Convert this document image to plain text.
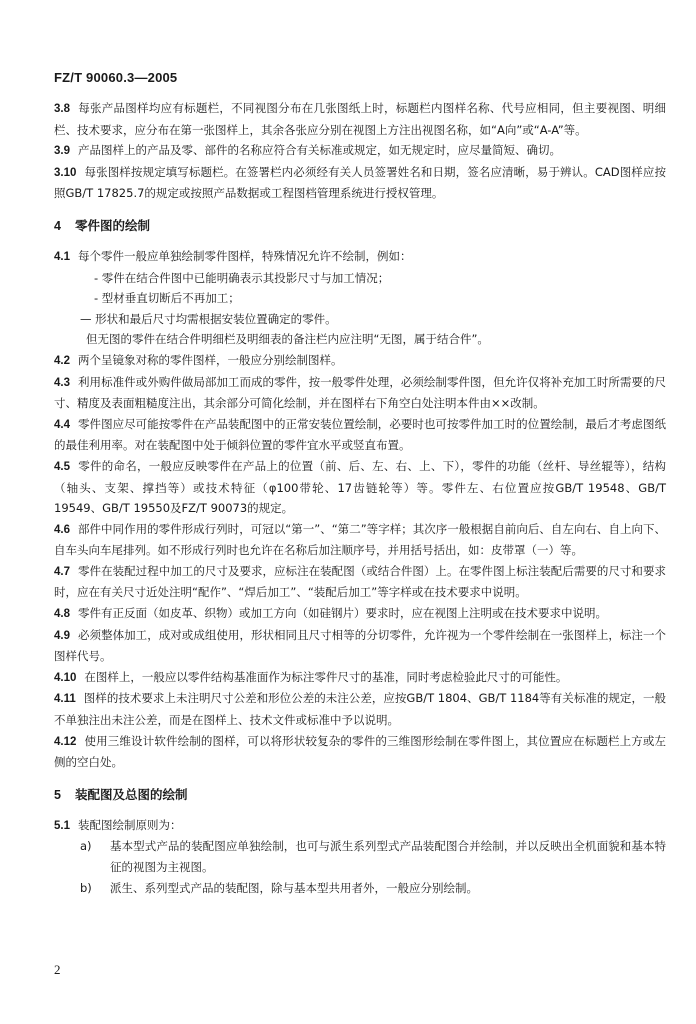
FZ/T 90060.3—2005
3.8 每张产品图样均应有标题栏，不同视图分布在几张图纸上时，标题栏内图样名称、代号应相同，但主要视图、明细栏、技术要求，应分布在第一张图样上，其余各张应分别在视图上方注出视图名称，如“A向”或“A-A”等。
3.9 产品图样上的产品及零、部件的名称应符合有关标准或规定，如无规定时，应尽量简短、确切。
3.10 每张图样按规定填写标题栏。在签署栏内必须经有关人员签署姓名和日期，签名应清晰，易于辨认。CAD图样应按照GB/T 17825.7的规定或按照产品数据或工程图档管理系统进行授权管理。
4 零件图的绘制
4.1 每个零件一般应单独绘制零件图样，特殊情况允许不绘制，例如：
- 零件在结合件图中已能明确表示其投影尺寸与加工情况；
- 型材垂直切断后不再加工；
— 形状和最后尺寸均需根据安装位置确定的零件。
但无图的零件在结合件明细栏及明细表的备注栏内应注明“无图，属于结合件”。
4.2 两个呈镜象对称的零件图样，一般应分别绘制图样。
4.3 利用标准件或外购件做局部加工而成的零件，按一般零件处理，必须绘制零件图，但允许仅将补充加工时所需要的尺寸、精度及表面粗糙度注出，其余部分可简化绘制，并在图样右下角空白处注明本件由××改制。
4.4 零件图应尽可能按零件在产品装配图中的正常安装位置绘制，必要时也可按零件加工时的位置绘制，最后才考虑图纸的最佳利用率。对在装配图中处于倾斜位置的零件宜水平或竖直布置。
4.5 零件的命名，一般应反映零件在产品上的位置（前、后、左、右、上、下），零件的功能（丝杆、导丝辊等），结构（轴头、支架、撑挡等）或技术特征（φ100带轮、17齿链轮等）等。零件左、右位置应按GB/T 19548、GB/T 19549、GB/T 19550及FZ/T 90073的规定。
4.6 部件中同作用的零件形成行列时，可冠以“第一”、“第二”等字样；其次序一般根据自前向后、自左向右、自上向下、自车头向车尾排列。如不形成行列时也允许在名称后加注顺序号，并用括号括出，如：皮带罩（一）等。
4.7 零件在装配过程中加工的尺寸及要求，应标注在装配图（或结合件图）上。在零件图上标注装配后需要的尺寸和要求时，应在有关尺寸近处注明“配作”、“焊后加工”、“装配后加工”等字样或在技术要求中说明。
4.8 零件有正反面（如皮革、织物）或加工方向（如硅钢片）要求时，应在视图上注明或在技术要求中说明。
4.9 必须整体加工，成对或成组使用，形状相同且尺寸相等的分切零件，允许视为一个零件绘制在一张图样上，标注一个图样代号。
4.10 在图样上，一般应以零件结构基准面作为标注零件尺寸的基准，同时考虑检验此尺寸的可能性。
4.11 图样的技术要求上未注明尺寸公差和形位公差的未注公差，应按GB/T 1804、GB/T 1184等有关标准的规定，一般不单独注出未注公差，而是在图样上、技术文件或标准中予以说明。
4.12 使用三维设计软件绘制的图样，可以将形状较复杂的零件的三维图形绘制在零件图上，其位置应在标题栏上方或左侧的空白处。
5 装配图及总图的绘制
5.1 装配图绘制原则为：
a)	基本型式产品的装配图应单独绘制，也可与派生系列型式产品装配图合并绘制，并以反映出全机面貌和基本特征的视图为主视图。
b)	派生、系列型式产品的装配图，除与基本型共用者外，一般应分别绘制。
2
